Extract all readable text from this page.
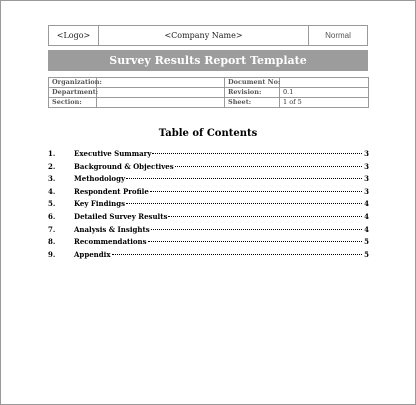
<Logo>	<Company Name>	Normal
Survey Results Report Template
Organization:		Document No:	
Department:		Revision:	0.1
Section:		Sheet:	1 of 5
Table of Contents
1.	Executive Summary	3
2.	Background & Objectives	3
3.	Methodology	3
4.	Respondent Profile	3
5.	Key Findings	4
6.	Detailed Survey Results	4
7.	Analysis & Insights	4
8.	Recommendations	5
9.	Appendix	5
